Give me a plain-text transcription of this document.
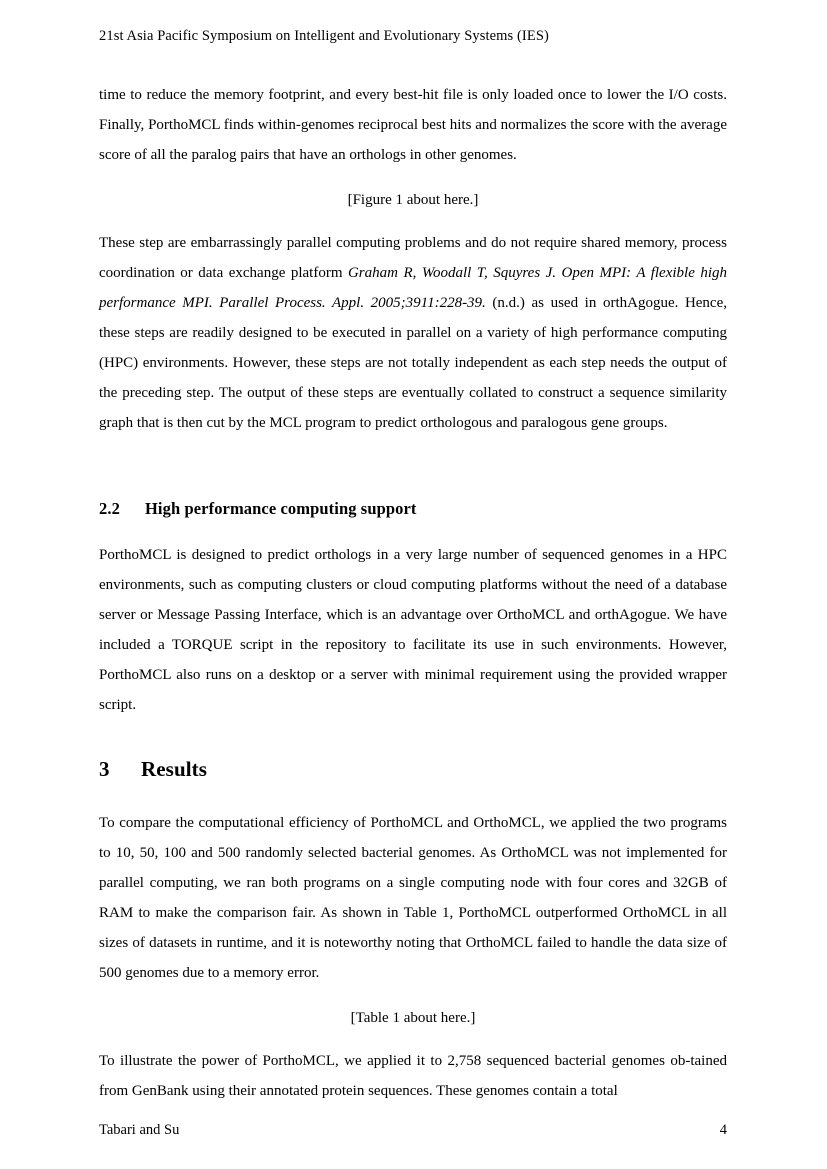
21st Asia Pacific Symposium on Intelligent and Evolutionary Systems (IES)

time to reduce the memory footprint, and every best-hit file is only loaded once to lower the I/O costs. Finally, PorthoMCL finds within-genomes reciprocal best hits and normalizes the score with the average score of all the paralog pairs that have an orthologs in other genomes.

[Figure 1 about here.]

These step are embarrassingly parallel computing problems and do not require shared memory, process coordination or data exchange platform Graham R, Woodall T, Squyres J. Open MPI: A flexible high performance MPI. Parallel Process. Appl. 2005;3911:228-39. (n.d.) as used in orthAgogue. Hence, these steps are readily designed to be executed in parallel on a variety of high performance computing (HPC) environments. However, these steps are not totally independent as each step needs the output of the preceding step. The output of these steps are eventually collated to construct a sequence similarity graph that is then cut by the MCL program to predict orthologous and paralogous gene groups.

2.2 High performance computing support

PorthoMCL is designed to predict orthologs in a very large number of sequenced genomes in a HPC environments, such as computing clusters or cloud computing platforms without the need of a database server or Message Passing Interface, which is an advantage over OrthoMCL and orthAgogue. We have included a TORQUE script in the repository to facilitate its use in such environments. However, PorthoMCL also runs on a desktop or a server with minimal requirement using the provided wrapper script.

3 Results

To compare the computational efficiency of PorthoMCL and OrthoMCL, we applied the two programs to 10, 50, 100 and 500 randomly selected bacterial genomes. As OrthoMCL was not implemented for parallel computing, we ran both programs on a single computing node with four cores and 32GB of RAM to make the comparison fair. As shown in Table 1, PorthoMCL outperformed OrthoMCL in all sizes of datasets in runtime, and it is noteworthy noting that OrthoMCL failed to handle the data size of 500 genomes due to a memory error.

[Table 1 about here.]

To illustrate the power of PorthoMCL, we applied it to 2,758 sequenced bacterial genomes ob-tained from GenBank using their annotated protein sequences. These genomes contain a total

Tabari and Su	4
